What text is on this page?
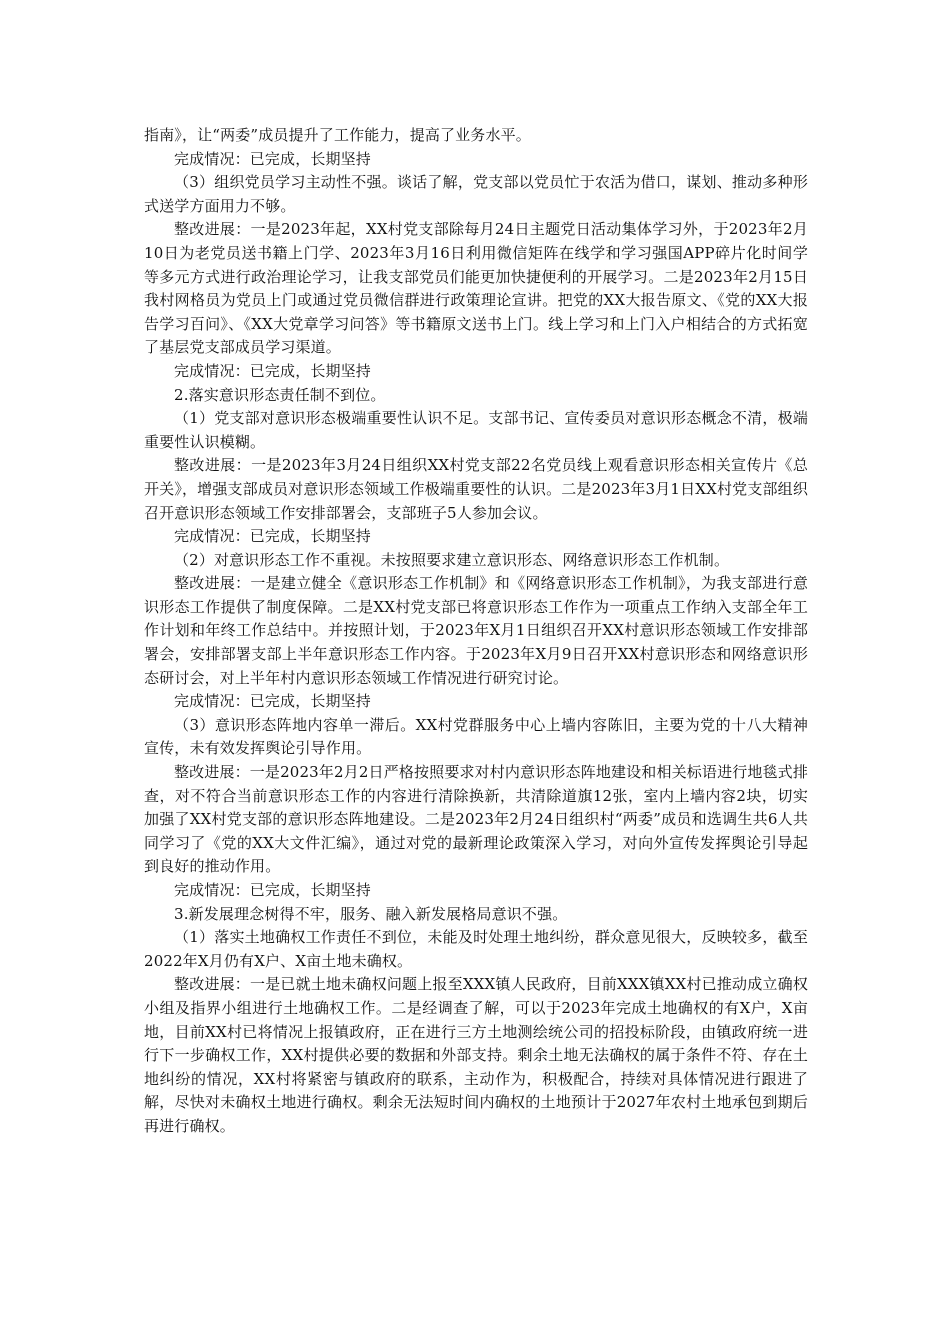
指南》，让“两委”成员提升了工作能力，提高了业务水平。

完成情况：已完成，长期坚持

（3）组织党员学习主动性不强。谈话了解，党支部以党员忙于农活为借口，谋划、推动多种形式送学方面用力不够。

整改进展：一是2023年起，XX村党支部除每月24日主题党日活动集体学习外，于2023年2月10日为老党员送书籍上门学、2023年3月16日利用微信矩阵在线学和学习强国APP碎片化时间学等多元方式进行政治理论学习，让我支部党员们能更加快捷便利的开展学习。二是2023年2月15日我村网格员为党员上门或通过党员微信群进行政策理论宣讲。把党的XX大报告原文、《党的XX大报告学习百问》、《XX大党章学习问答》等书籍原文送书上门。线上学习和上门入户相结合的方式拓宽了基层党支部成员学习渠道。

完成情况：已完成，长期坚持

2.落实意识形态责任制不到位。

（1）党支部对意识形态极端重要性认识不足。支部书记、宣传委员对意识形态概念不清，极端重要性认识模糊。

整改进展：一是2023年3月24日组织XX村党支部22名党员线上观看意识形态相关宣传片《总开关》，增强支部成员对意识形态领域工作极端重要性的认识。二是2023年3月1日XX村党支部组织召开意识形态领域工作安排部署会，支部班子5人参加会议。

完成情况：已完成，长期坚持

（2）对意识形态工作不重视。未按照要求建立意识形态、网络意识形态工作机制。

整改进展：一是建立健全《意识形态工作机制》和《网络意识形态工作机制》，为我支部进行意识形态工作提供了制度保障。二是XX村党支部已将意识形态工作作为一项重点工作纳入支部全年工作计划和年终工作总结中。并按照计划，于2023年X月1日组织召开XX村意识形态领域工作安排部署会，安排部署支部上半年意识形态工作内容。于2023年X月9日召开XX村意识形态和网络意识形态研讨会，对上半年村内意识形态领域工作情况进行研究讨论。

完成情况：已完成，长期坚持

（3）意识形态阵地内容单一滞后。XX村党群服务中心上墙内容陈旧，主要为党的十八大精神宣传，未有效发挥舆论引导作用。

整改进展：一是2023年2月2日严格按照要求对村内意识形态阵地建设和相关标语进行地毯式排查，对不符合当前意识形态工作的内容进行清除换新，共清除道旗12张，室内上墙内容2块，切实加强了XX村党支部的意识形态阵地建设。二是2023年2月24日组织村“两委”成员和选调生共6人共同学习了《党的XX大文件汇编》，通过对党的最新理论政策深入学习，对向外宣传发挥舆论引导起到良好的推动作用。

完成情况：已完成，长期坚持

3.新发展理念树得不牢，服务、融入新发展格局意识不强。

（1）落实土地确权工作责任不到位，未能及时处理土地纠纷，群众意见很大，反映较多，截至2022年X月仍有X户、X亩土地未确权。

整改进展：一是已就土地未确权问题上报至XXX镇人民政府，目前XXX镇XX村已推动成立确权小组及指界小组进行土地确权工作。二是经调查了解，可以于2023年完成土地确权的有X户，X亩地，目前XX村已将情况上报镇政府，正在进行三方土地测绘统公司的招投标阶段，由镇政府统一进行下一步确权工作，XX村提供必要的数据和外部支持。剩余土地无法确权的属于条件不符、存在土地纠纷的情况，XX村将紧密与镇政府的联系，主动作为，积极配合，持续对具体情况进行跟进了解，尽快对未确权土地进行确权。剩余无法短时间内确权的土地预计于2027年农村土地承包到期后再进行确权。
